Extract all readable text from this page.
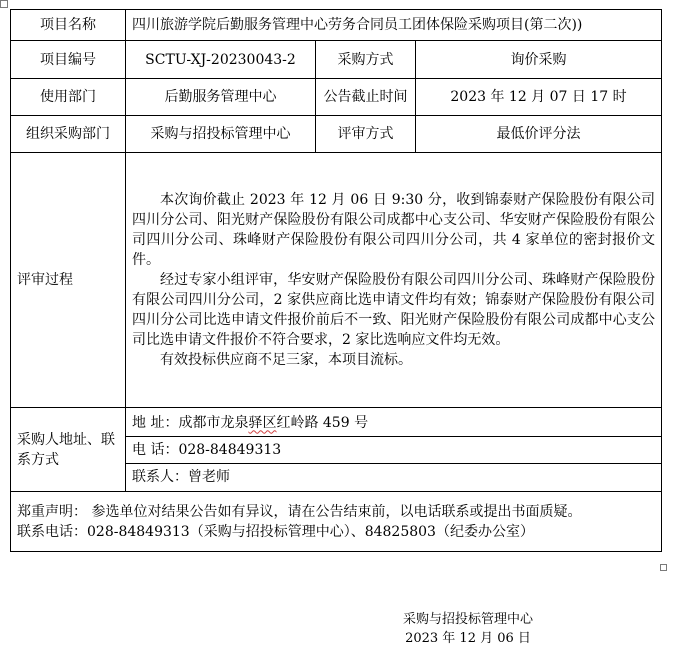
项目名称	四川旅游学院后勤服务管理中心劳务合同员工团体保险采购项目(第二次))		
项目编号	SCTU-XJ-20230043-2	采购方式	询价采购
使用部门	后勤服务管理中心	公告截止时间	2023 年 12 月 07 日 17 时
组织采购部门	采购与招投标管理中心	评审方式	最低价评分法
评审过程	本次询价截止 2023 年 12 月 06 日 9:30 分，收到锦泰财产保险股份有限公司四川分公司、阳光财产保险股份有限公司成都中心支公司、华安财产保险股份有限公司四川分公司、珠峰财产保险股份有限公司四川分公司，共 4 家单位的密封报价文件。

经过专家小组评审，华安财产保险股份有限公司四川分公司、珠峰财产保险股份有限公司四川分公司，2 家供应商比选申请文件均有效；锦泰财产保险股份有限公司四川分公司比选申请文件报价前后不一致、阳光财产保险股份有限公司成都中心支公司比选申请文件报价不符合要求，2 家比选响应文件均无效。

有效投标供应商不足三家，本项目流标。		

采购人地址、联系方式	地 址：成都市龙泉驿区红岭路 459 号
电 话：028-84849313
联系人：曾老师		

郑重声明： 参选单位对结果公告如有异议，请在公告结束前，以电话联系或提出书面质疑。
联系电话：028-84849313（采购与招投标管理中心）、84825803（纪委办公室）			
采购与招投标管理中心
2023 年 12 月 06 日
